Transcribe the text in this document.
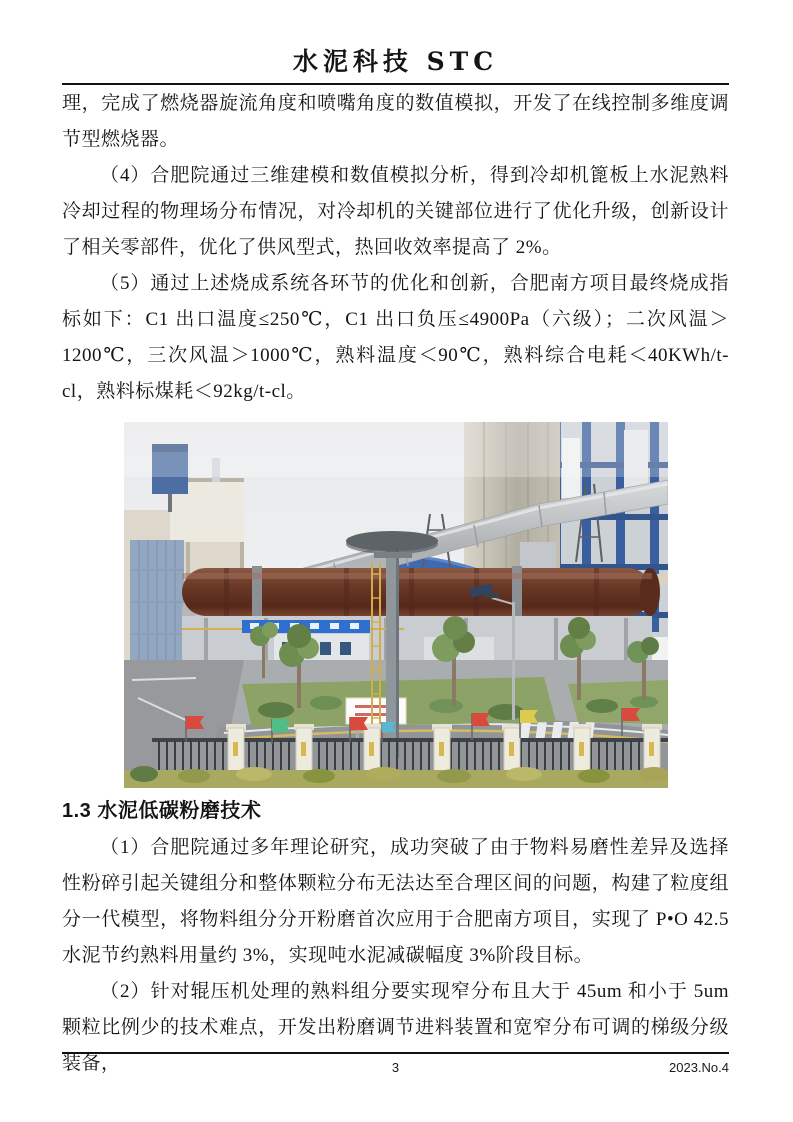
水泥科技 STC

理，完成了燃烧器旋流角度和喷嘴角度的数值模拟，开发了在线控制多维度调节型燃烧器。

（4）合肥院通过三维建模和数值模拟分析，得到冷却机篦板上水泥熟料冷却过程的物理场分布情况，对冷却机的关键部位进行了优化升级，创新设计了相关零部件，优化了供风型式，热回收效率提高了 2%。

（5）通过上述烧成系统各环节的优化和创新，合肥南方项目最终烧成指标如下：C1 出口温度≤250℃，C1 出口负压≤4900Pa（六级）；二次风温＞1200℃，三次风温＞1000℃，熟料温度＜90℃，熟料综合电耗＜40KWh/t-cl，熟料标煤耗＜92kg/t-cl。

1.3 水泥低碳粉磨技术

（1）合肥院通过多年理论研究，成功突破了由于物料易磨性差异及选择性粉碎引起关键组分和整体颗粒分布无法达至合理区间的问题，构建了粒度组分一代模型，将物料组分分开粉磨首次应用于合肥南方项目，实现了 P•O 42.5 水泥节约熟料用量约 3%，实现吨水泥减碳幅度 3%阶段目标。

（2）针对辊压机处理的熟料组分要实现窄分布且大于 45um 和小于 5um 颗粒比例少的技术难点，开发出粉磨调节进料装置和宽窄分布可调的梯级分级装备，	3	2023.No.4
